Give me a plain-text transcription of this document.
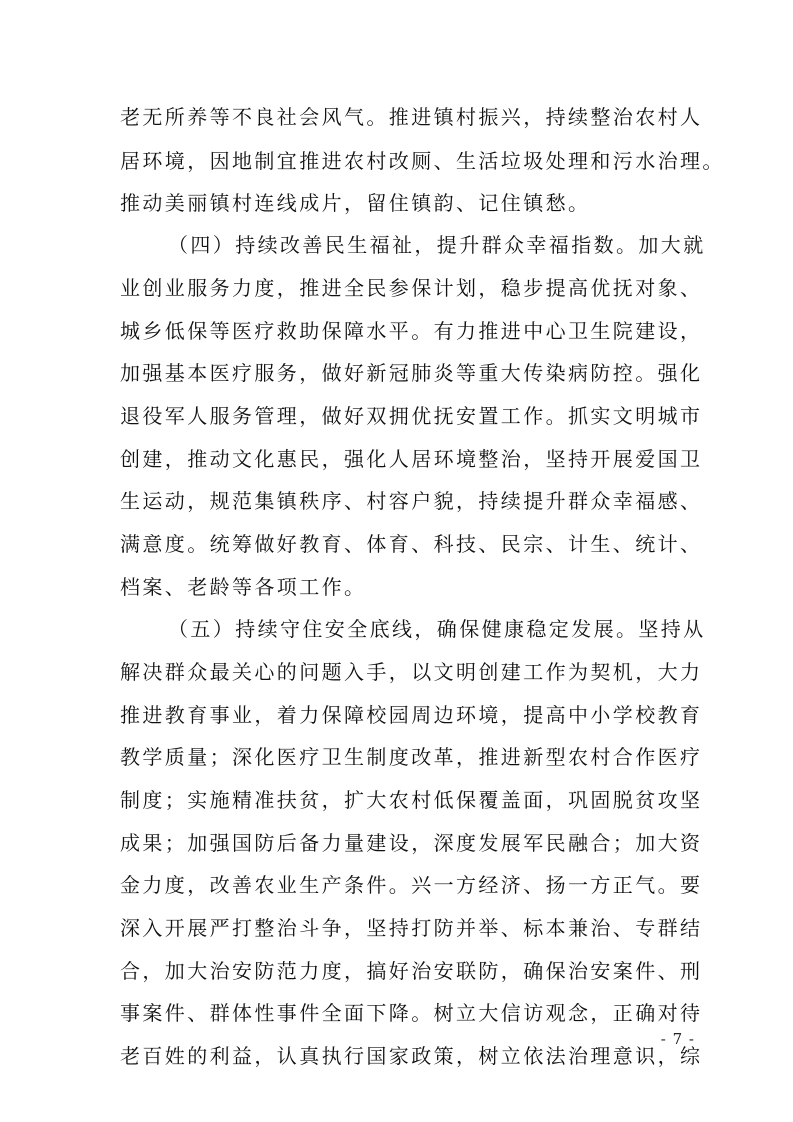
老无所养等不良社会风气。推进镇村振兴，持续整治农村人
居环境，因地制宜推进农村改厕、生活垃圾处理和污水治理。
推动美丽镇村连线成片，留住镇韵、记住镇愁。
（四）持续改善民生福祉，提升群众幸福指数。加大就
业创业服务力度，推进全民参保计划，稳步提高优抚对象、
城乡低保等医疗救助保障水平。有力推进中心卫生院建设，
加强基本医疗服务，做好新冠肺炎等重大传染病防控。强化
退役军人服务管理，做好双拥优抚安置工作。抓实文明城市
创建，推动文化惠民，强化人居环境整治，坚持开展爱国卫
生运动，规范集镇秩序、村容户貌，持续提升群众幸福感、
满意度。统筹做好教育、体育、科技、民宗、计生、统计、
档案、老龄等各项工作。
（五）持续守住安全底线，确保健康稳定发展。坚持从
解决群众最关心的问题入手，以文明创建工作为契机，大力
推进教育事业，着力保障校园周边环境，提高中小学校教育
教学质量；深化医疗卫生制度改革，推进新型农村合作医疗
制度；实施精准扶贫，扩大农村低保覆盖面，巩固脱贫攻坚
成果；加强国防后备力量建设，深度发展军民融合；加大资
金力度，改善农业生产条件。兴一方经济、扬一方正气。要
深入开展严打整治斗争，坚持打防并举、标本兼治、专群结
合，加大治安防范力度，搞好治安联防，确保治安案件、刑
事案件、群体性事件全面下降。树立大信访观念，正确对待
老百姓的利益，认真执行国家政策，树立依法治理意识，综
- 7 -
